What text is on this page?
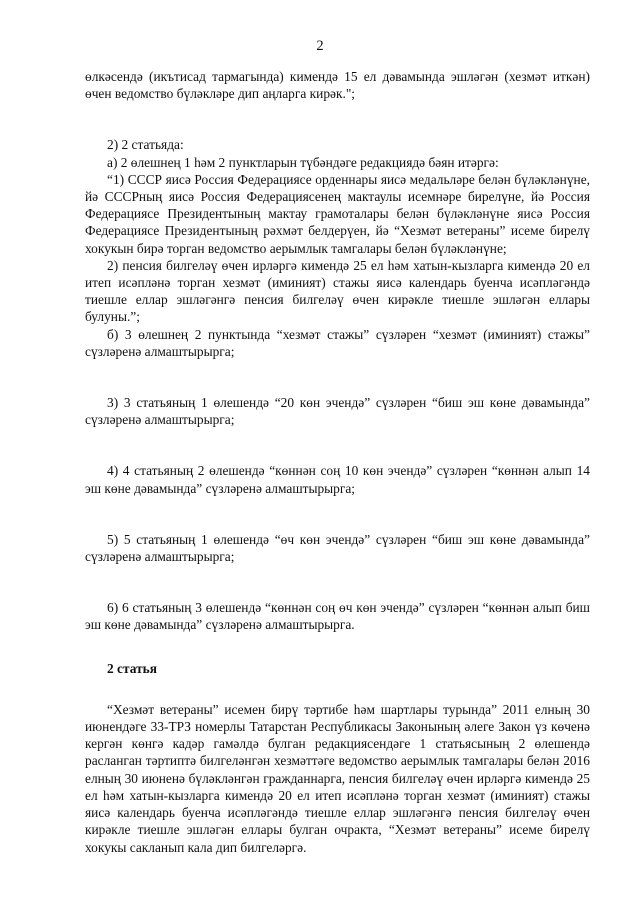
2

өлкәсендә (икътисад тармагында) кимендә 15 ел дәвамында эшләгән (хезмәт иткән) өчен ведомство бүләкләре дип аңларга кирәк.";

2) 2 статьяда:

а) 2 өлешнең 1 һәм 2 пунктларын түбәндәге редакциядә бәян итәргә:

“1) СССР яисә Россия Федерациясе орденнары яисә медальләре белән бүләкләнүне, йә СССРның яисә Россия Федерациясенең мактаулы исемнәре бирелүне, йә Россия Федерациясе Президентының мактау грамоталары белән бүләкләнүне яисә Россия Федерациясе Президентының рәхмәт белдерүен, йә “Хезмәт ветераны” исеме бирелү хокукын бирә торган ведомство аерымлык тамгалары белән бүләкләнүне;

2) пенсия билгеләү өчен ирләргә кимендә 25 ел һәм хатын-кызларга кимендә 20 ел итеп исәпләнә торган хезмәт (иминият) стажы яисә календарь буенча исәпләгәндә тиешле еллар эшләгәнгә пенсия билгеләү өчен кирәкле тиешле эшләгән еллары булуны.”;

б) 3 өлешнең 2 пунктында “хезмәт стажы” сүзләрен “хезмәт (иминият) стажы” сүзләренә алмаштырырга;

3) 3 статьяның 1 өлешендә “20 көн эчендә” сүзләрен “биш эш көне дәвамында” сүзләренә алмаштырырга;

4) 4 статьяның 2 өлешендә “көннән соң 10 көн эчендә” сүзләрен “көннән алып 14 эш көне дәвамында” сүзләренә алмаштырырга;

5) 5 статьяның 1 өлешендә “өч көн эчендә” сүзләрен “биш эш көне дәвамында” сүзләренә алмаштырырга;

6) 6 статьяның 3 өлешендә “көннән соң өч көн эчендә” сүзләрен “көннән алып биш эш көне дәвамында” сүзләренә алмаштырырга.

2 статья

“Хезмәт ветераны” исемен бирү тәртибе һәм шартлары турында” 2011 елның 30 июнендәге 33-ТРЗ номерлы Татарстан Республикасы Законының әлеге Закон үз көченә кергән көнгә кадәр гамәлдә булган редакциясендәге 1 статьясының 2 өлешендә расланган тәртиптә билгеләнгән хезмәттәге ведомство аерымлык тамгалары белән 2016 елның 30 июненә бүләкләнгән гражданнарга, пенсия билгеләү өчен ирләргә кимендә 25 ел һәм хатын-кызларга кимендә 20 ел итеп исәпләнә торган хезмәт (иминият) стажы яисә календарь буенча исәпләгәндә тиешле еллар эшләгәнгә пенсия билгеләү өчен кирәкле тиешле эшләгән еллары булган очракта, “Хезмәт ветераны” исеме бирелү хокукы сакланып кала дип билгеләргә.
